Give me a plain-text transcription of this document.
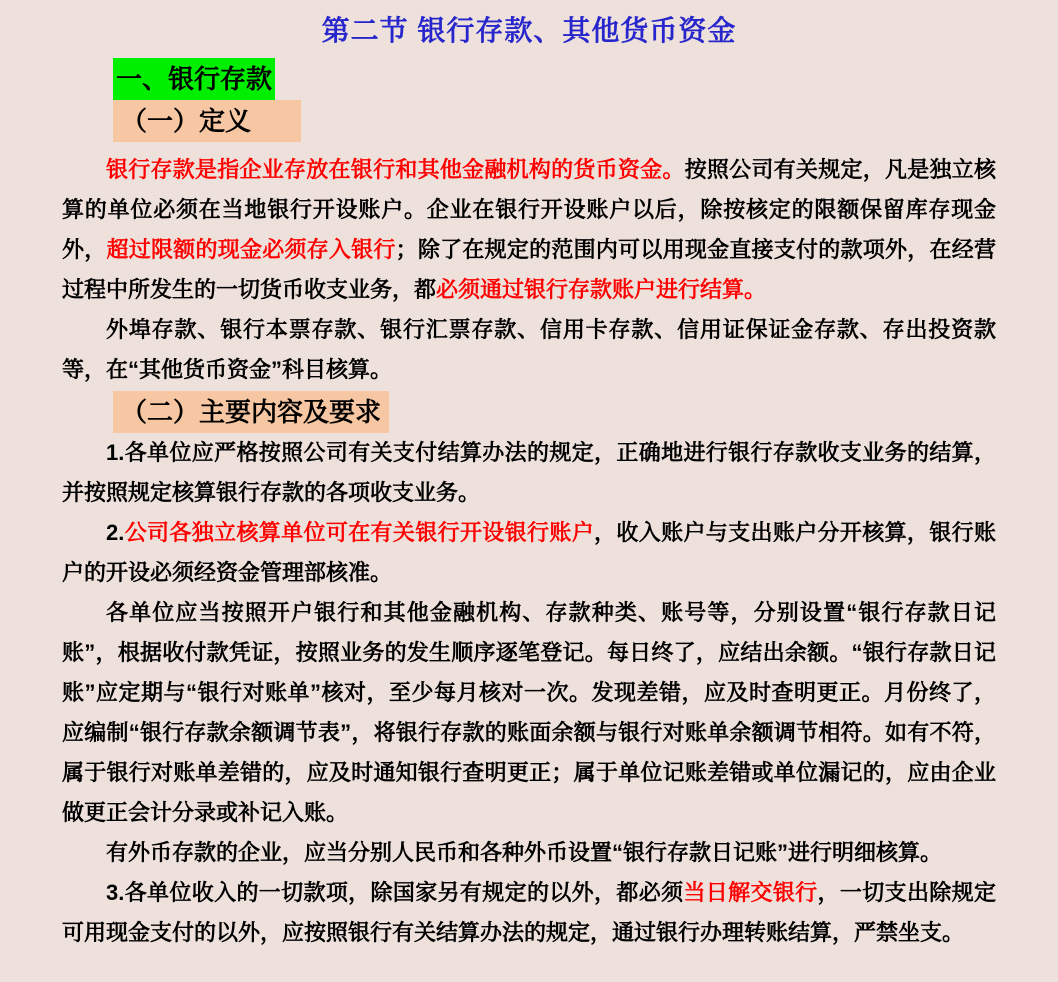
第二节 银行存款、其他货币资金
一、银行存款
（一）定义

银行存款是指企业存放在银行和其他金融机构的货币资金。按照公司有关规定，凡是独立核算的单位必须在当地银行开设账户。企业在银行开设账户以后，除按核定的限额保留库存现金外，超过限额的现金必须存入银行；除了在规定的范围内可以用现金直接支付的款项外，在经营过程中所发生的一切货币收支业务，都必须通过银行存款账户进行结算。

外埠存款、银行本票存款、银行汇票存款、信用卡存款、信用证保证金存款、存出投资款等，在“其他货币资金”科目核算。

（二）主要内容及要求

1.各单位应严格按照公司有关支付结算办法的规定，正确地进行银行存款收支业务的结算，并按照规定核算银行存款的各项收支业务。

2.公司各独立核算单位可在有关银行开设银行账户，收入账户与支出账户分开核算，银行账户的开设必须经资金管理部核准。

各单位应当按照开户银行和其他金融机构、存款种类、账号等，分别设置“银行存款日记账”，根据收付款凭证，按照业务的发生顺序逐笔登记。每日终了，应结出余额。“银行存款日记账”应定期与“银行对账单”核对，至少每月核对一次。发现差错，应及时查明更正。月份终了，应编制“银行存款余额调节表”，将银行存款的账面余额与银行对账单余额调节相符。如有不符，属于银行对账单差错的，应及时通知银行查明更正；属于单位记账差错或单位漏记的，应由企业做更正会计分录或补记入账。

有外币存款的企业，应当分别人民币和各种外币设置“银行存款日记账”进行明细核算。

3.各单位收入的一切款项，除国家另有规定的以外，都必须当日解交银行，一切支出除规定可用现金支付的以外，应按照银行有关结算办法的规定，通过银行办理转账结算，严禁坐支。
